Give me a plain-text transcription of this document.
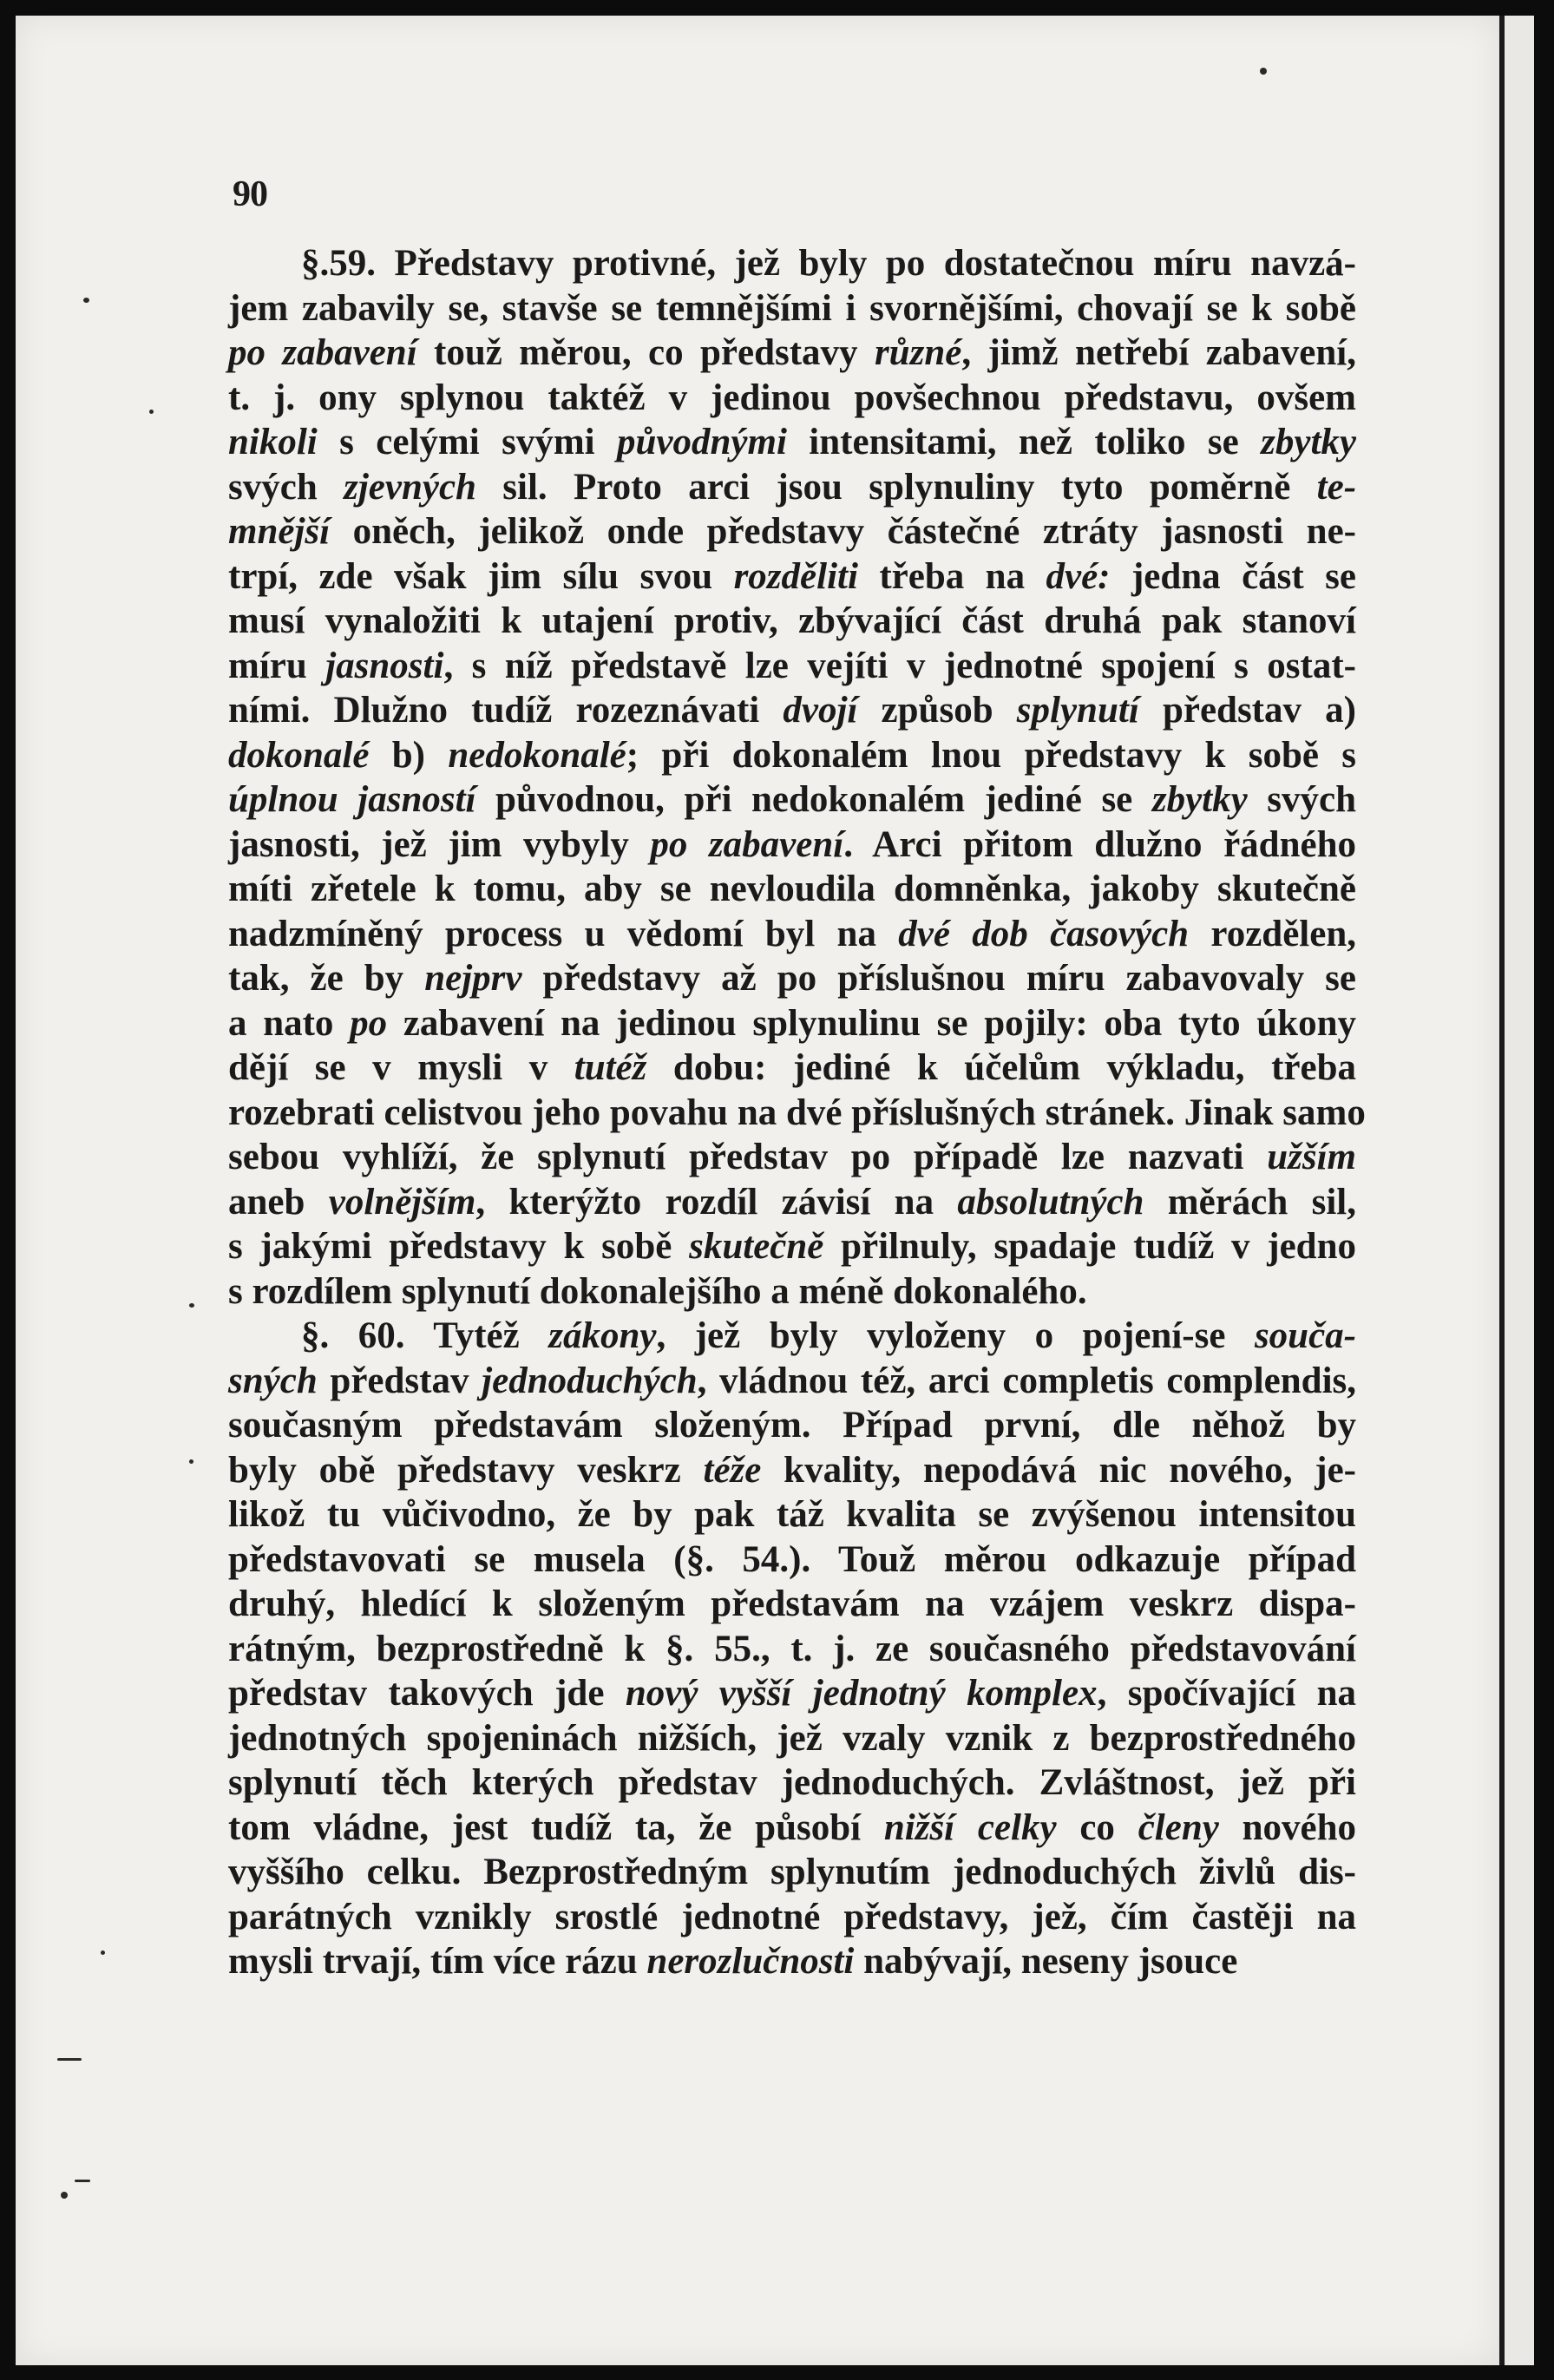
90
§.59. Představy protivné, jež byly po dostatečnou míru navzá-
jem zabavily se, stavše se temnějšími i svornějšími, chovají se k sobě
po zabavení touž měrou, co představy různé, jimž netřebí zabavení,
t. j. ony splynou taktéž v jedinou povšechnou představu, ovšem
nikoli s celými svými původnými intensitami, než toliko se zbytky
svých zjevných sil. Proto arci jsou splynuliny tyto poměrně te-
mnější oněch, jelikož onde představy částečné ztráty jasnosti ne-
trpí, zde však jim sílu svou rozděliti třeba na dvé: jedna část se
musí vynaložiti k utajení protiv, zbývající část druhá pak stanoví
míru jasnosti, s níž představě lze vejíti v jednotné spojení s ostat-
ními. Dlužno tudíž rozeznávati dvojí způsob splynutí představ a)
dokonalé b) nedokonalé; při dokonalém lnou představy k sobě s
úplnou jasností původnou, při nedokonalém jediné se zbytky svých
jasnosti, jež jim vybyly po zabavení. Arci přitom dlužno řádného
míti zřetele k tomu, aby se nevloudila domněnka, jakoby skutečně
nadzmíněný process u vědomí byl na dvé dob časových rozdělen,
tak, že by nejprv představy až po příslušnou míru zabavovaly se
a nato po zabavení na jedinou splynulinu se pojily: oba tyto úkony
dějí se v mysli v tutéž dobu: jediné k účelům výkladu, třeba
rozebrati celistvou jeho povahu na dvé příslušných stránek. Jinak samo
sebou vyhlíží, že splynutí představ po případě lze nazvati užším
aneb volnějším, kterýžto rozdíl závisí na absolutných měrách sil,
s jakými představy k sobě skutečně přilnuly, spadaje tudíž v jedno
s rozdílem splynutí dokonalejšího a méně dokonalého.
§. 60. Tytéž zákony, jež byly vyloženy o pojení-se souča-
sných představ jednoduchých, vládnou též, arci completis complendis,
současným představám složeným. Případ první, dle něhož by
byly obě představy veskrz téže kvality, nepodává nic nového, je-
likož tu vůčivodno, že by pak táž kvalita se zvýšenou intensitou
představovati se musela (§. 54.). Touž měrou odkazuje případ
druhý, hledící k složeným představám na vzájem veskrz dispa-
rátným, bezprostředně k §. 55., t. j. ze současného představování
představ takových jde nový vyšší jednotný komplex, spočívající na
jednotných spojeninách nižších, jež vzaly vznik z bezprostředného
splynutí těch kterých představ jednoduchých. Zvláštnost, jež při
tom vládne, jest tudíž ta, že působí nižší celky co členy nového
vyššího celku. Bezprostředným splynutím jednoduchých živlů dis-
parátných vznikly srostlé jednotné představy, jež, čím častěji na
mysli trvají, tím více rázu nerozlučnosti nabývají, neseny jsouce
